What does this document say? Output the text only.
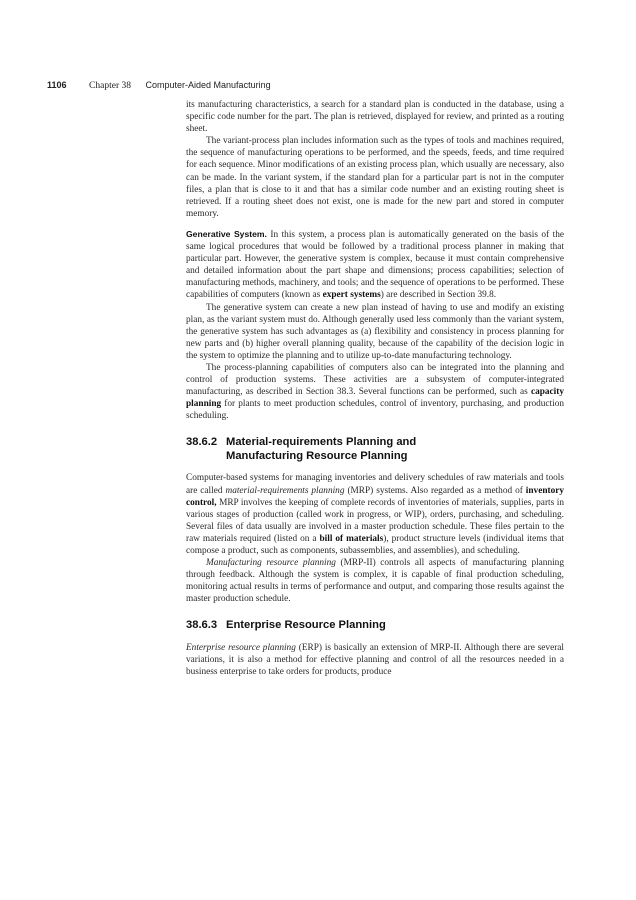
1106 Chapter 38 Computer-Aided Manufacturing

its manufacturing characteristics, a search for a standard plan is conducted in the database, using a specific code number for the part. The plan is retrieved, displayed for review, and printed as a routing sheet.

The variant-process plan includes information such as the types of tools and machines required, the sequence of manufacturing operations to be performed, and the speeds, feeds, and time required for each sequence. Minor modifications of an existing process plan, which usually are necessary, also can be made. In the variant system, if the standard plan for a particular part is not in the computer files, a plan that is close to it and that has a similar code number and an existing routing sheet is retrieved. If a routing sheet does not exist, one is made for the new part and stored in computer memory.

Generative System. In this system, a process plan is automatically generated on the basis of the same logical procedures that would be followed by a traditional process planner in making that particular part. However, the generative system is complex, because it must contain comprehensive and detailed information about the part shape and dimensions; process capabilities; selection of manufacturing methods, machinery, and tools; and the sequence of operations to be performed. These capabilities of computers (known as expert systems) are described in Section 39.8.

The generative system can create a new plan instead of having to use and modify an existing plan, as the variant system must do. Although generally used less commonly than the variant system, the generative system has such advantages as (a) flexibility and consistency in process planning for new parts and (b) higher overall planning quality, because of the capability of the decision logic in the system to optimize the planning and to utilize up-to-date manufacturing technology.

The process-planning capabilities of computers also can be integrated into the planning and control of production systems. These activities are a subsystem of computer-integrated manufacturing, as described in Section 38.3. Several functions can be performed, such as capacity planning for plants to meet production schedules, control of inventory, purchasing, and production scheduling.

38.6.2 Material-requirements Planning and
Manufacturing Resource Planning

Computer-based systems for managing inventories and delivery schedules of raw materials and tools are called material-requirements planning (MRP) systems. Also regarded as a method of inventory control, MRP involves the keeping of complete records of inventories of materials, supplies, parts in various stages of production (called work in progress, or WIP), orders, purchasing, and scheduling. Several files of data usually are involved in a master production schedule. These files pertain to the raw materials required (listed on a bill of materials), product structure levels (individual items that compose a product, such as components, subassemblies, and assemblies), and scheduling.

Manufacturing resource planning (MRP-II) controls all aspects of manufacturing planning through feedback. Although the system is complex, it is capable of final production scheduling, monitoring actual results in terms of performance and output, and comparing those results against the master production schedule.

38.6.3 Enterprise Resource Planning

Enterprise resource planning (ERP) is basically an extension of MRP-II. Although there are several variations, it is also a method for effective planning and control of all the resources needed in a business enterprise to take orders for products, produce
